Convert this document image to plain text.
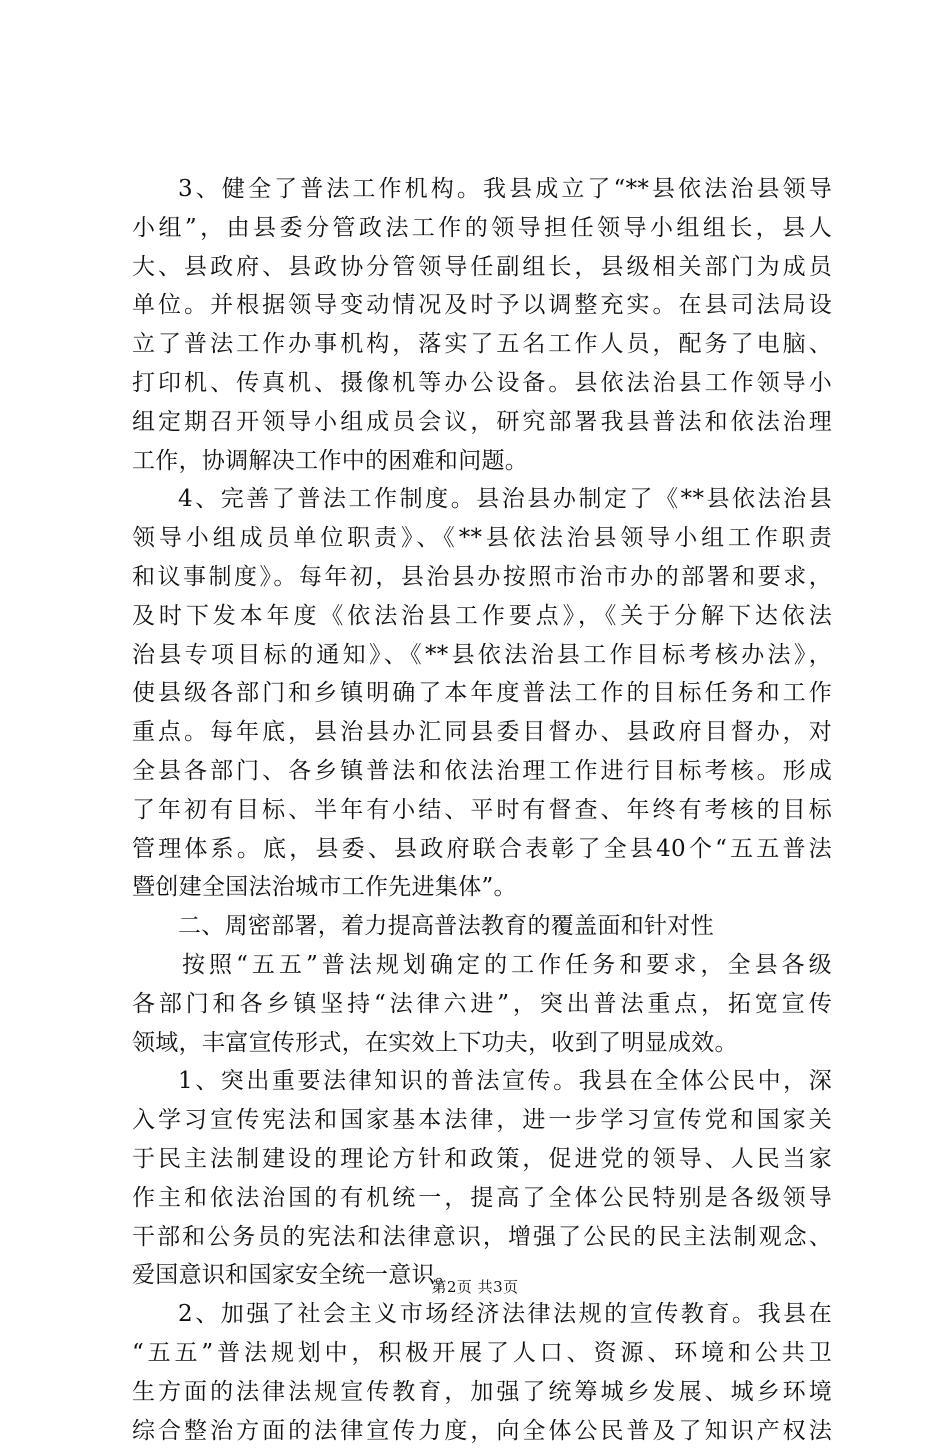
3、健全了普法工作机构。我县成立了“**县依法治县领导
小组”，由县委分管政法工作的领导担任领导小组组长，县人
大、县政府、县政协分管领导任副组长，县级相关部门为成员
单位。并根据领导变动情况及时予以调整充实。在县司法局设
立了普法工作办事机构，落实了五名工作人员，配务了电脑、
打印机、传真机、摄像机等办公设备。县依法治县工作领导小
组定期召开领导小组成员会议，研究部署我县普法和依法治理
工作，协调解决工作中的困难和问题。
4、完善了普法工作制度。县治县办制定了《**县依法治县
领导小组成员单位职责》、《**县依法治县领导小组工作职责
和议事制度》。每年初，县治县办按照市治市办的部署和要求，
及时下发本年度《依法治县工作要点》，《关于分解下达依法
治县专项目标的通知》、《**县依法治县工作目标考核办法》，
使县级各部门和乡镇明确了本年度普法工作的目标任务和工作
重点。每年底，县治县办汇同县委目督办、县政府目督办，对
全县各部门、各乡镇普法和依法治理工作进行目标考核。形成
了年初有目标、半年有小结、平时有督查、年终有考核的目标
管理体系。底，县委、县政府联合表彰了全县40个“五五普法
暨创建全国法治城市工作先进集体”。
二、周密部署，着力提高普法教育的覆盖面和针对性
按照“五五”普法规划确定的工作任务和要求，全县各级
各部门和各乡镇坚持“法律六进”，突出普法重点，拓宽宣传
领域，丰富宣传形式，在实效上下功夫，收到了明显成效。
1、突出重要法律知识的普法宣传。我县在全体公民中，深
入学习宣传宪法和国家基本法律，进一步学习宣传党和国家关
于民主法制建设的理论方针和政策，促进党的领导、人民当家
作主和依法治国的有机统一，提高了全体公民特别是各级领导
干部和公务员的宪法和法律意识，增强了公民的民主法制观念、
爱国意识和国家安全统一意识。
2、加强了社会主义市场经济法律法规的宣传教育。我县在
“五五”普法规划中，积极开展了人口、资源、环境和公共卫
生方面的法律法规宣传教育，加强了统筹城乡发展、城乡环境
综合整治方面的法律宣传力度，向全体公民普及了知识产权法
第2页 共3页
